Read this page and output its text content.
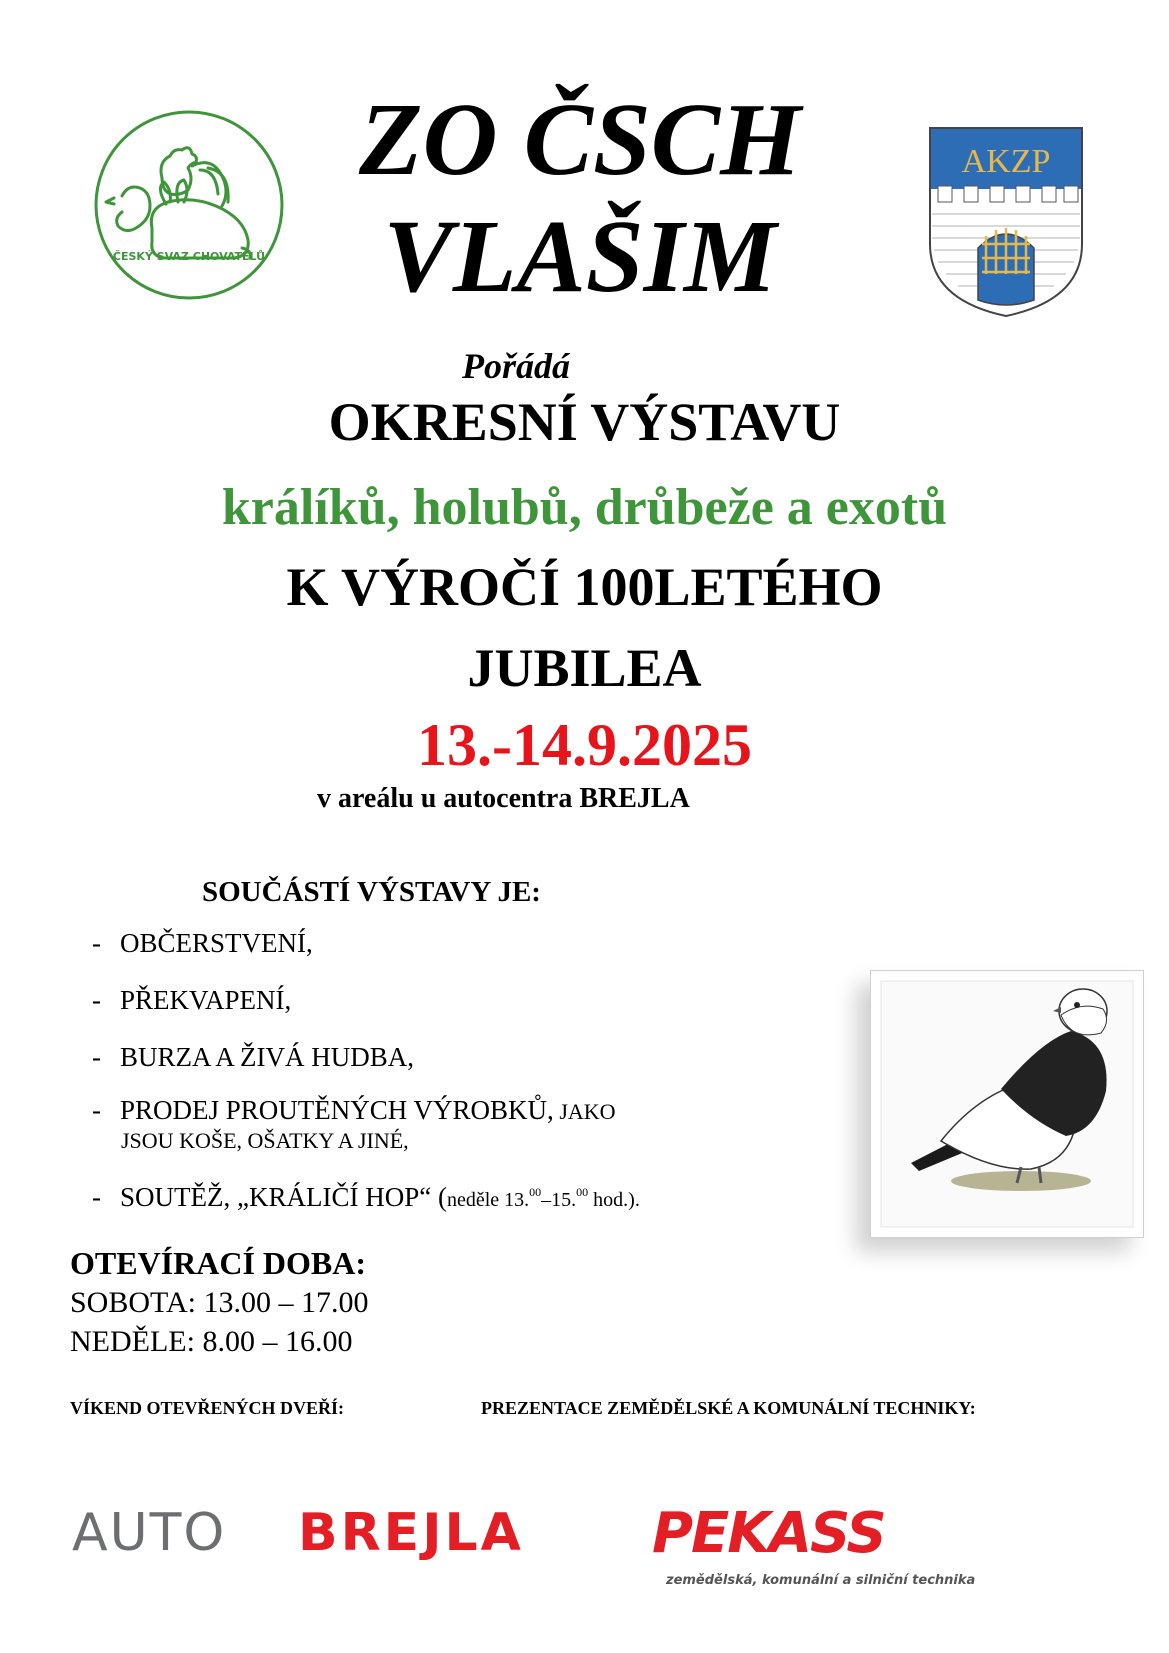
ČESKÝ SVAZ CHOVATELŮ
ZO ČSCH
VLAŠIM
AKZP
Pořádá
OKRESNÍ VÝSTAVU
králíků, holubů, drůbeže a exotů
K VÝROČÍ 100LETÉHO
JUBILEA
13.-14.9.2025
v areálu u autocentra BREJLA
SOUČÁSTÍ VÝSTAVY JE:
- OBČERSTVENÍ,
- PŘEKVAPENÍ,
- BURZA A ŽIVÁ HUDBA,
- PRODEJ PROUTĚNÝCH VÝROBKŮ, JAKO
JSOU KOŠE, OŠATKY A JINÉ,
- SOUTĚŽ, „KRÁLIČÍ HOP“ (neděle 13.00–15.00 hod.).
OTEVÍRACÍ DOBA:
SOBOTA: 13.00 – 17.00
NEDĚLE: 8.00 – 16.00
VÍKEND OTEVŘENÝCH DVEŘÍ:	PREZENTACE ZEMĚDĚLSKÉ A KOMUNÁLNÍ TECHNIKY:
AUTO BREJLA PEKASS
zemědělská, komunální a silniční technika
